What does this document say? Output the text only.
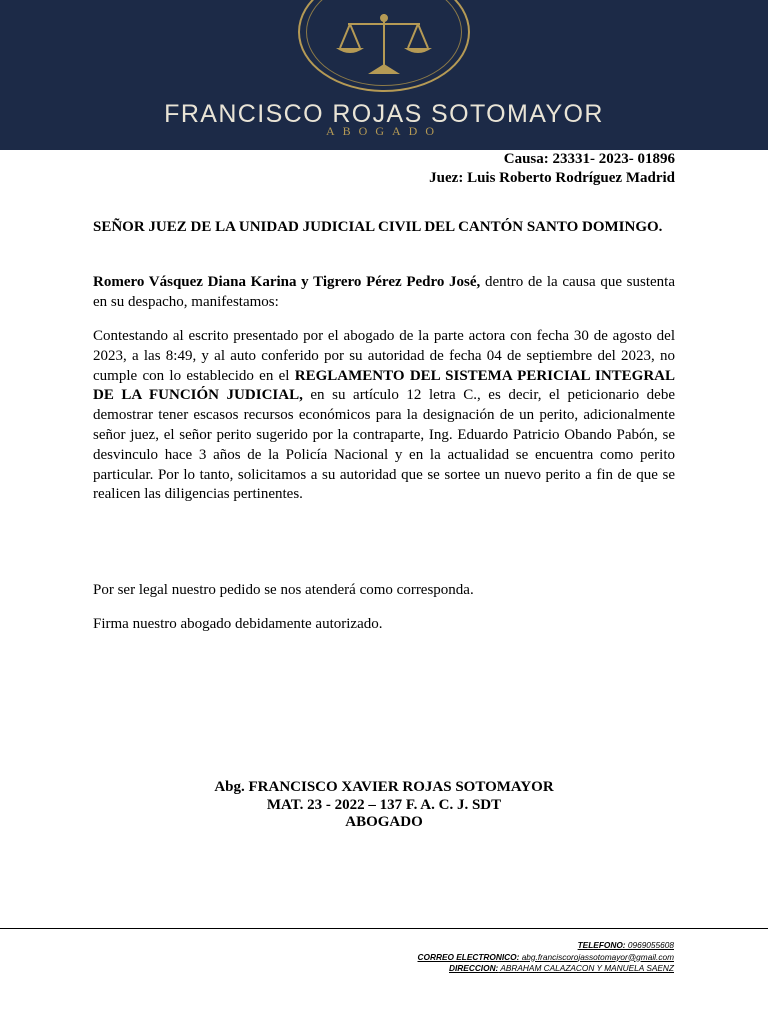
FRANCISCO ROJAS SOTOMAYOR
ABOGADO
Causa: 23331- 2023- 01896
Juez: Luis Roberto Rodríguez Madrid
SEÑOR JUEZ DE LA UNIDAD JUDICIAL CIVIL DEL CANTÓN SANTO DOMINGO.
Romero Vásquez Diana Karina y Tigrero Pérez Pedro José, dentro de la causa que sustenta en su despacho, manifestamos:
Contestando al escrito presentado por el abogado de la parte actora con fecha 30 de agosto del 2023, a las 8:49, y al auto conferido por su autoridad de fecha 04 de septiembre del 2023, no cumple con lo establecido en el REGLAMENTO DEL SISTEMA PERICIAL INTEGRAL DE LA FUNCIÓN JUDICIAL, en su artículo 12 letra C., es decir, el peticionario debe demostrar tener escasos recursos económicos para la designación de un perito, adicionalmente señor juez, el señor perito sugerido por la contraparte, Ing. Eduardo Patricio Obando Pabón, se desvinculo hace 3 años de la Policía Nacional y en la actualidad se encuentra como perito particular. Por lo tanto, solicitamos a su autoridad que se sortee un nuevo perito a fin de que se realicen las diligencias pertinentes.
Por ser legal nuestro pedido se nos atenderá como corresponda.
Firma nuestro abogado debidamente autorizado.
Abg. FRANCISCO XAVIER ROJAS SOTOMAYOR
MAT. 23 - 2022 – 137 F. A. C. J. SDT
ABOGADO
TELEFONO: 0969055608
CORREO ELECTRONICO: abg.franciscorojassotomayor@gmail.com
DIRECCION: ABRAHAM CALAZACON Y MANUELA SAENZ
